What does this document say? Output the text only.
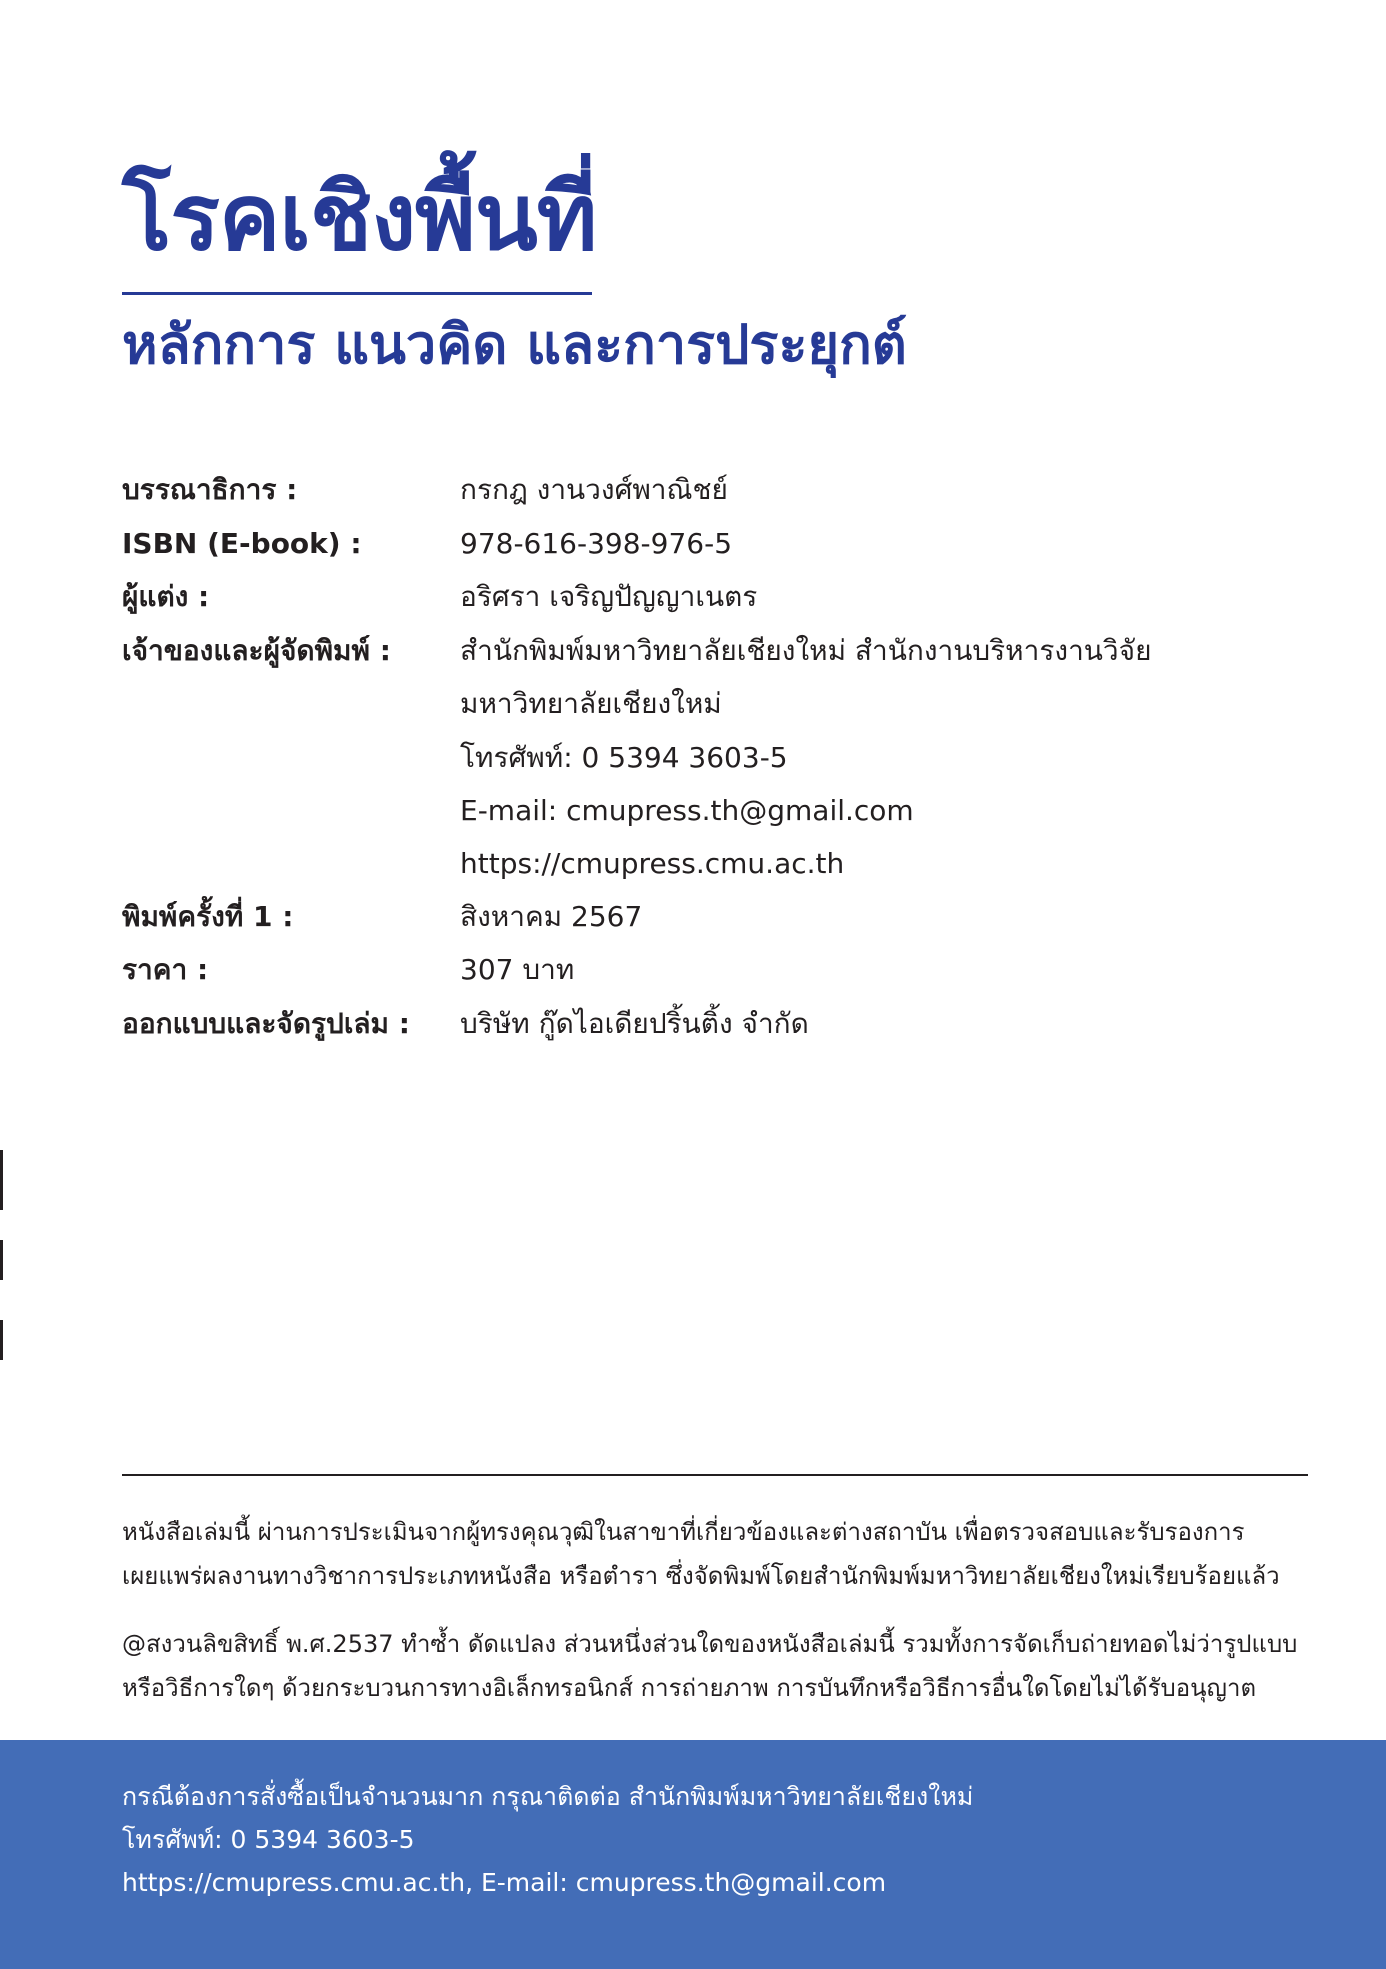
โรคเชิงพื้นที่
หลักการ แนวคิด และการประยุกต์
บรรณาธิการ :	กรกฎ งานวงศ์พาณิชย์
ISBN (E-book) :	978-616-398-976-5
ผู้แต่ง :	อริศรา เจริญปัญญาเนตร
เจ้าของและผู้จัดพิมพ์ : สำนักพิมพ์มหาวิทยาลัยเชียงใหม่ สำนักงานบริหารงานวิจัย
มหาวิทยาลัยเชียงใหม่
โทรศัพท์: 0 5394 3603-5
E-mail: cmupress.th@gmail.com
https://cmupress.cmu.ac.th
พิมพ์ครั้งที่ 1 :	สิงหาคม 2567
ราคา :	307 บาท
ออกแบบและจัดรูปเล่ม : บริษัท กู๊ดไอเดียปริ้นติ้ง จำกัด
หนังสือเล่มนี้ ผ่านการประเมินจากผู้ทรงคุณวุฒิในสาขาที่เกี่ยวข้องและต่างสถาบัน เพื่อตรวจสอบและรับรองการ
เผยแพร่ผลงานทางวิชาการประเภทหนังสือ หรือตำรา ซึ่งจัดพิมพ์โดยสำนักพิมพ์มหาวิทยาลัยเชียงใหม่เรียบร้อยแล้ว
@สงวนลิขสิทธิ์ พ.ศ.2537 ทำซ้ำ ดัดแปลง ส่วนหนึ่งส่วนใดของหนังสือเล่มนี้ รวมทั้งการจัดเก็บถ่ายทอดไม่ว่ารูปแบบ
หรือวิธีการใดๆ ด้วยกระบวนการทางอิเล็กทรอนิกส์ การถ่ายภาพ การบันทึกหรือวิธีการอื่นใดโดยไม่ได้รับอนุญาต
กรณีต้องการสั่งซื้อเป็นจำนวนมาก กรุณาติดต่อ สำนักพิมพ์มหาวิทยาลัยเชียงใหม่
โทรศัพท์: 0 5394 3603-5
https://cmupress.cmu.ac.th, E-mail: cmupress.th@gmail.com
